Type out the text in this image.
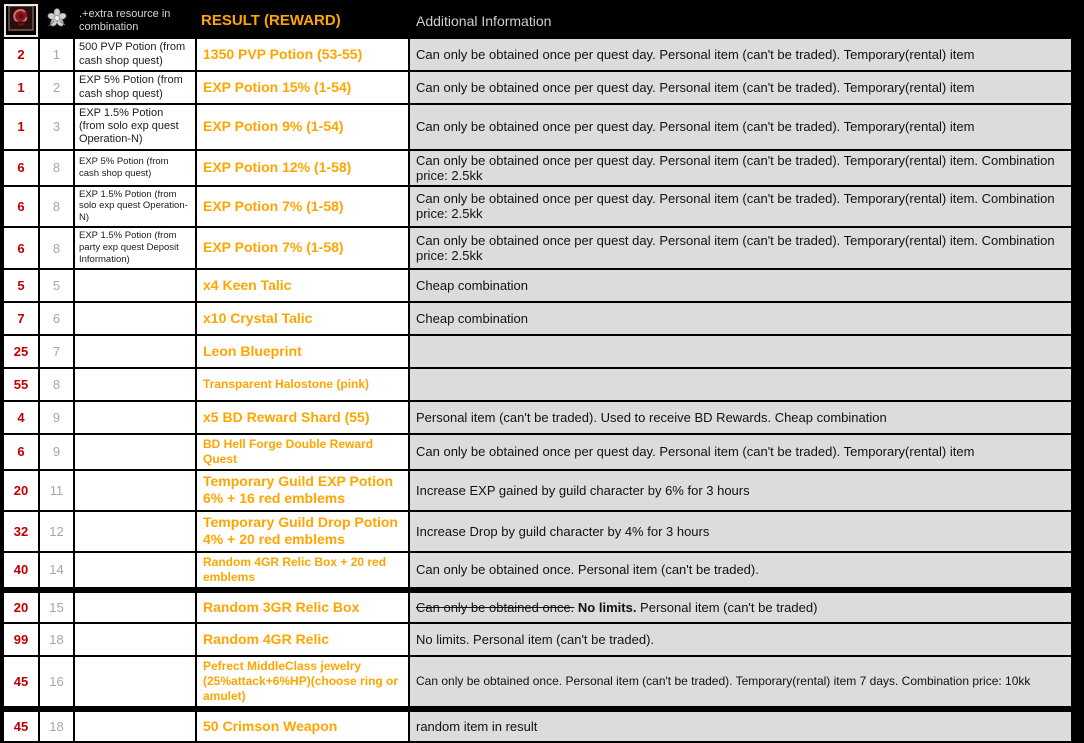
		.+extra resource in combination	RESULT (REWARD)	Additional Information
2	1	500 PVP Potion (from cash shop quest)	1350 PVP Potion (53-55)	Can only be obtained once per quest day. Personal item (can't be traded). Temporary(rental) item
1	2	EXP 5% Potion (from cash shop quest)	EXP Potion 15% (1-54)	Can only be obtained once per quest day. Personal item (can't be traded). Temporary(rental) item
1	3	EXP 1.5% Potion (from solo exp quest Operation-N)	EXP Potion 9% (1-54)	Can only be obtained once per quest day. Personal item (can't be traded). Temporary(rental) item
6	8	EXP 5% Potion (from cash shop quest)	EXP Potion 12% (1-58)	Can only be obtained once per quest day. Personal item (can't be traded). Temporary(rental) item. Combination price: 2.5kk
6	8	EXP 1.5% Potion (from solo exp quest Operation-N)	EXP Potion 7% (1-58)	Can only be obtained once per quest day. Personal item (can't be traded). Temporary(rental) item. Combination price: 2.5kk
6	8	EXP 1.5% Potion (from party exp quest Deposit Information)	EXP Potion 7% (1-58)	Can only be obtained once per quest day. Personal item (can't be traded). Temporary(rental) item. Combination price: 2.5kk
5	5		x4 Keen Talic	Cheap combination
7	6		x10 Crystal Talic	Cheap combination
25	7		Leon Blueprint	
55	8		Transparent Halostone (pink)	
4	9		x5 BD Reward Shard (55)	Personal item (can't be traded). Used to receive BD Rewards. Cheap combination
6	9		BD Hell Forge Double Reward Quest	Can only be obtained once per quest day. Personal item (can't be traded). Temporary(rental) item
20	11		Temporary Guild EXP Potion 6% + 16 red emblems	Increase EXP gained by guild character by 6% for 3 hours
32	12		Temporary Guild Drop Potion 4% + 20 red emblems	Increase Drop by guild character by 4% for 3 hours
40	14		Random 4GR Relic Box + 20 red emblems	Can only be obtained once. Personal item (can't be traded).
20	15		Random 3GR Relic Box	Can only be obtained once. No limits. Personal item (can't be traded)
99	18		Random 4GR Relic	No limits. Personal item (can't be traded).
45	16		Pefrect MiddleClass jewelry (25%attack+6%HP)(choose ring or amulet)	Can only be obtained once. Personal item (can't be traded). Temporary(rental) item 7 days. Combination price: 10kk
45	18		50 Crimson Weapon	random item in result
